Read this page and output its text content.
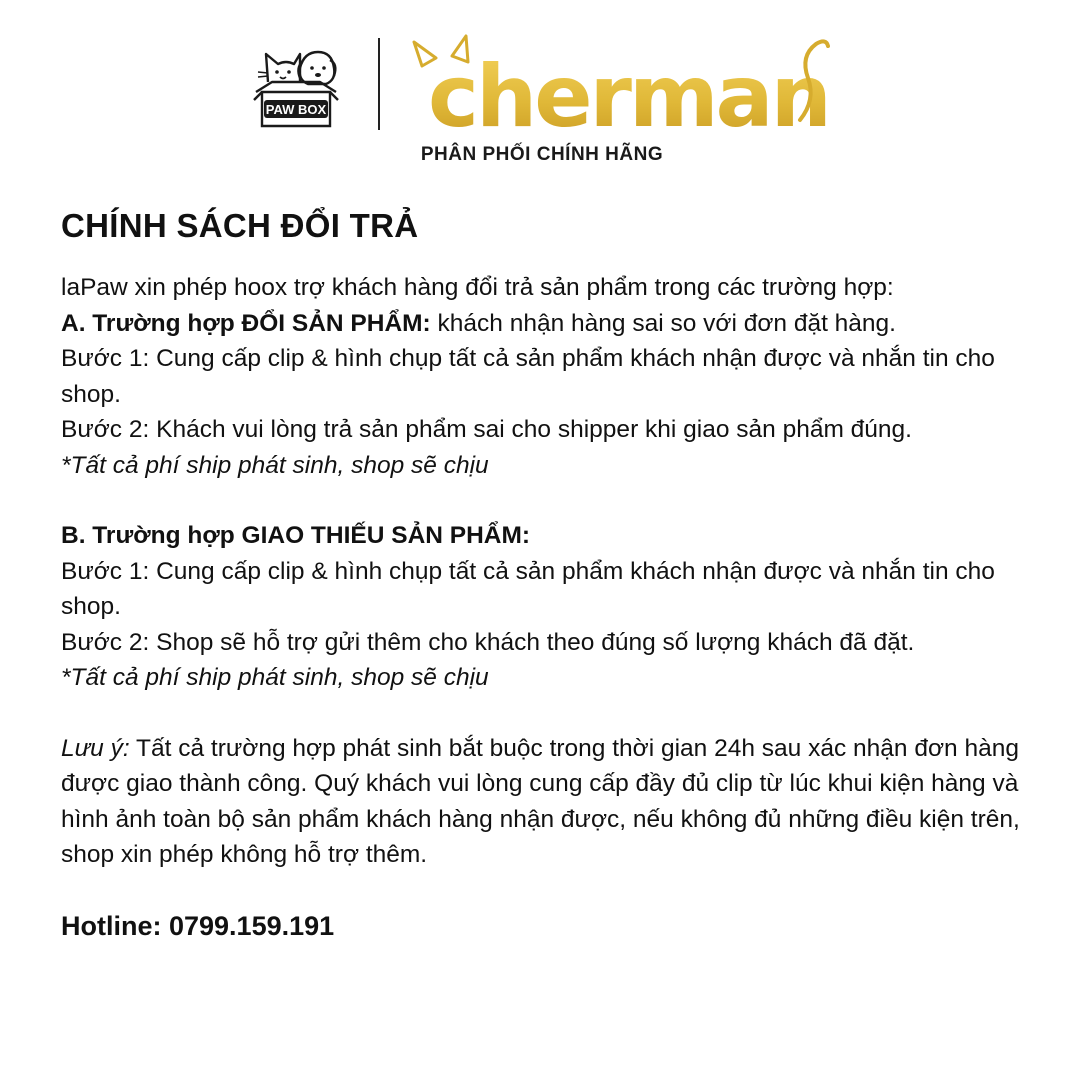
PAW BOX cherman
PHÂN PHỐI CHÍNH HÃNG
CHÍNH SÁCH ĐỔI TRẢ

laPaw xin phép hoox trợ khách hàng đổi trả sản phẩm trong các trường hợp:

A. Trường hợp ĐỔI SẢN PHẨM: khách nhận hàng sai so với đơn đặt hàng.

Bước 1: Cung cấp clip & hình chụp tất cả sản phẩm khách nhận được và nhắn tin cho shop.

Bước 2: Khách vui lòng trả sản phẩm sai cho shipper khi giao sản phẩm đúng.

*Tất cả phí ship phát sinh, shop sẽ chịu

B. Trường hợp GIAO THIẾU SẢN PHẨM:

Bước 1: Cung cấp clip & hình chụp tất cả sản phẩm khách nhận được và nhắn tin cho shop.

Bước 2: Shop sẽ hỗ trợ gửi thêm cho khách theo đúng số lượng khách đã đặt.

*Tất cả phí ship phát sinh, shop sẽ chịu

Lưu ý: Tất cả trường hợp phát sinh bắt buộc trong thời gian 24h sau xác nhận đơn hàng được giao thành công. Quý khách vui lòng cung cấp đầy đủ clip từ lúc khui kiện hàng và hình ảnh toàn bộ sản phẩm khách hàng nhận được, nếu không đủ những điều kiện trên, shop xin phép không hỗ trợ thêm.

Hotline: 0799.159.191
